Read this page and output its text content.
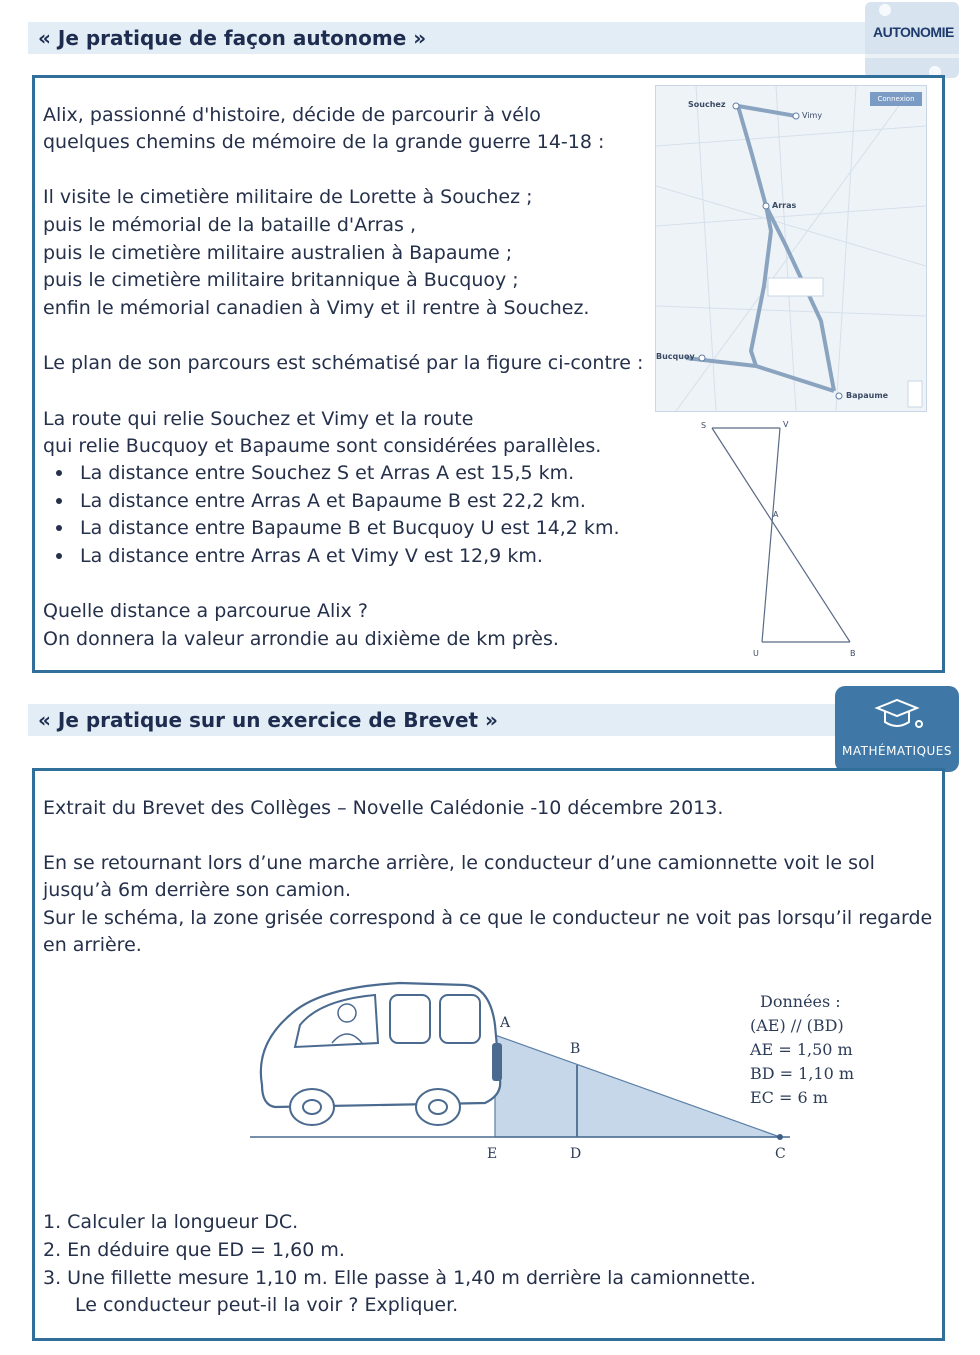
« Je pratique de façon autonome »	AUTONOMIE
Alix, passionné d'histoire, décide de parcourir à vélo
quelques chemins de mémoire de la grande guerre 14-18 :
Il visite le cimetière militaire de Lorette à Souchez ;
puis le mémorial de la bataille d'Arras ,
puis le cimetière militaire australien à Bapaume ;
puis le cimetière militaire britannique à Bucquoy ;
enfin le mémorial canadien à Vimy et il rentre à Souchez.
Le plan de son parcours est schématisé par la figure ci-contre :
La route qui relie Souchez et Vimy et la route
qui relie Bucquoy et Bapaume sont considérées parallèles.
La distance entre Souchez S et Arras A est 15,5 km.
La distance entre Arras A et Bapaume B est 22,2 km.
La distance entre Bapaume B et Bucquoy U est 14,2 km.
La distance entre Arras A et Vimy V est 12,9 km.
Quelle distance a parcourue Alix ?
On donnera la valeur arrondie au dixième de km près.
Souchez
Vimy
Arras
Bucquoy
Bapaume
Connexion
S	V
A
U	B
« Je pratique sur un exercice de Brevet »
MATHÉMATIQUES
Extrait du Brevet des Collèges – Novelle Calédonie -10 décembre 2013.
En se retournant lors d’une marche arrière, le conducteur d’une camionnette voit le sol
jusqu’à 6m derrière son camion.
Sur le schéma, la zone grisée correspond à ce que le conducteur ne voit pas lorsqu’il regarde
en arrière.
A
B
E	D	C
Données :
(AE) // (BD)
AE = 1,50 m
BD = 1,10 m
EC = 6 m
1. Calculer la longueur DC.
2. En déduire que ED = 1,60 m.
3. Une fillette mesure 1,10 m. Elle passe à 1,40 m derrière la camionnette.
Le conducteur peut-il la voir ? Expliquer.
